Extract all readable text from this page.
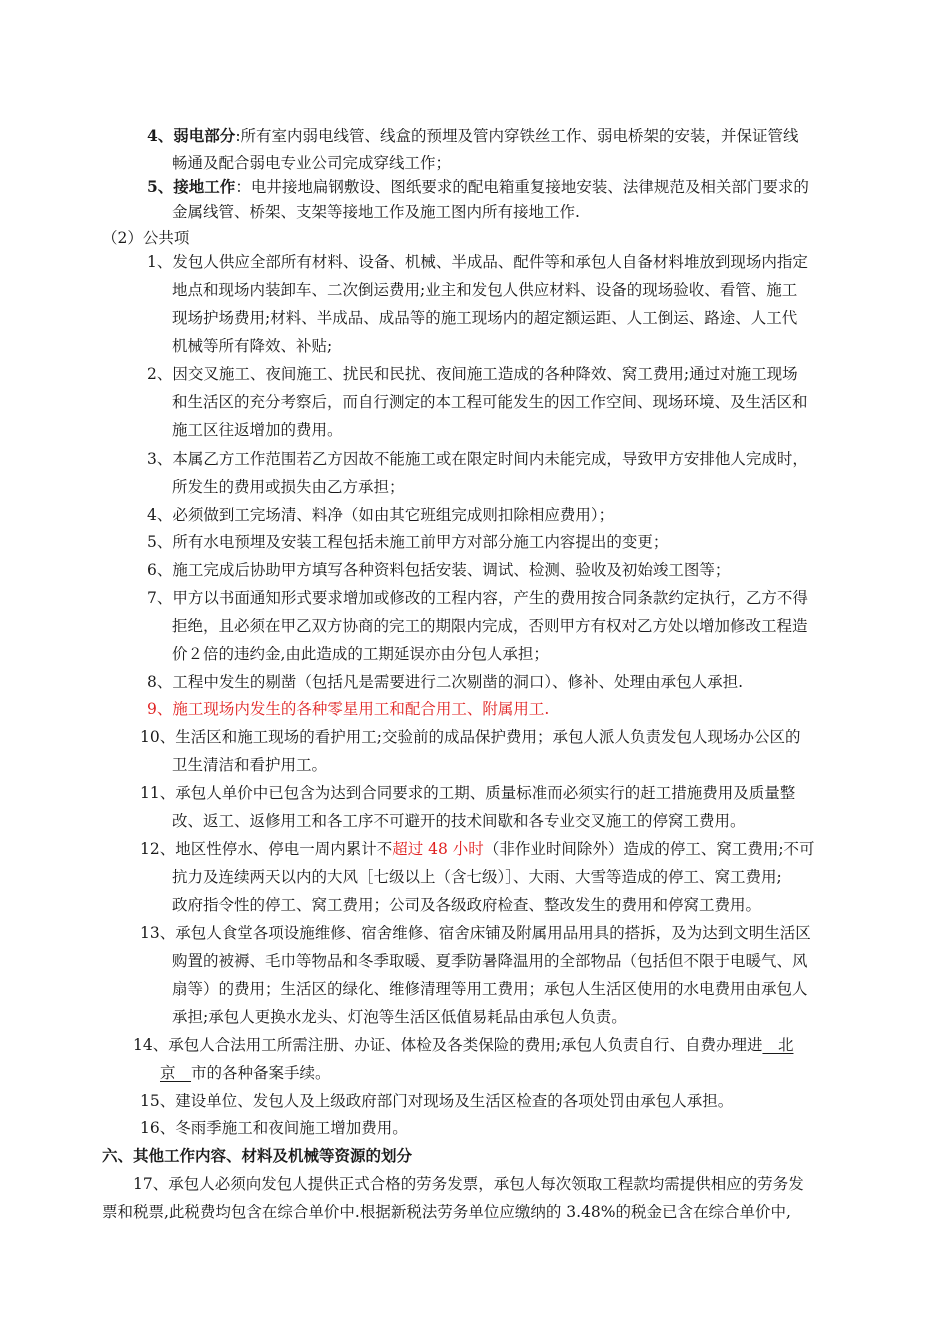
4、弱电部分:所有室内弱电线管、线盒的预埋及管内穿铁丝工作、弱电桥架的安装，并保证管线
畅通及配合弱电专业公司完成穿线工作；
5、接地工作：电井接地扁钢敷设、图纸要求的配电箱重复接地安装、法律规范及相关部门要求的
金属线管、桥架、支架等接地工作及施工图内所有接地工作.
（2）公共项
1、发包人供应全部所有材料、设备、机械、半成品、配件等和承包人自备材料堆放到现场内指定
地点和现场内装卸车、二次倒运费用;业主和发包人供应材料、设备的现场验收、看管、施工
现场护场费用;材料、半成品、成品等的施工现场内的超定额运距、人工倒运、路途、人工代
机械等所有降效、补贴;
2、因交叉施工、夜间施工、扰民和民扰、夜间施工造成的各种降效、窝工费用;通过对施工现场
和生活区的充分考察后，而自行测定的本工程可能发生的因工作空间、现场环境、及生活区和
施工区往返增加的费用。
3、本属乙方工作范围若乙方因故不能施工或在限定时间内未能完成，导致甲方安排他人完成时，
所发生的费用或损失由乙方承担；
4、必须做到工完场清、料净（如由其它班组完成则扣除相应费用）；
5、所有水电预埋及安装工程包括未施工前甲方对部分施工内容提出的变更；
6、施工完成后协助甲方填写各种资料包括安装、调试、检测、验收及初始竣工图等；
7、甲方以书面通知形式要求增加或修改的工程内容，产生的费用按合同条款约定执行，乙方不得
拒绝，且必须在甲乙双方协商的完工的期限内完成，否则甲方有权对乙方处以增加修改工程造
价２倍的违约金,由此造成的工期延误亦由分包人承担；
8、工程中发生的剔凿（包括凡是需要进行二次剔凿的洞口）、修补、处理由承包人承担.
9、施工现场内发生的各种零星用工和配合用工、附属用工.
10、生活区和施工现场的看护用工;交验前的成品保护费用；承包人派人负责发包人现场办公区的
卫生清洁和看护用工。
11、承包人单价中已包含为达到合同要求的工期、质量标准而必须实行的赶工措施费用及质量整
改、返工、返修用工和各工序不可避开的技术间歇和各专业交叉施工的停窝工费用。
12、地区性停水、停电一周内累计不超过 48 小时（非作业时间除外）造成的停工、窝工费用;不可
抗力及连续两天以内的大风［七级以上（含七级）］、大雨、大雪等造成的停工、窝工费用;
政府指令性的停工、窝工费用；公司及各级政府检查、整改发生的费用和停窝工费用。
13、承包人食堂各项设施维修、宿舍维修、宿舍床铺及附属用品用具的搭拆，及为达到文明生活区
购置的被褥、毛巾等物品和冬季取暖、夏季防暑降温用的全部物品（包括但不限于电暖气、风
扇等）的费用；生活区的绿化、维修清理等用工费用；承包人生活区使用的水电费用由承包人
承担;承包人更换水龙头、灯泡等生活区低值易耗品由承包人负责。
14、承包人合法用工所需注册、办证、体检及各类保险的费用;承包人负责自行、自费办理进　北
京　市的各种备案手续。
15、建设单位、发包人及上级政府部门对现场及生活区检查的各项处罚由承包人承担。
16、冬雨季施工和夜间施工增加费用。
六、其他工作内容、材料及机械等资源的划分
17、承包人必须向发包人提供正式合格的劳务发票，承包人每次领取工程款均需提供相应的劳务发
票和税票,此税费均包含在综合单价中.根据新税法劳务单位应缴纳的 3.48%的税金已含在综合单价中,
